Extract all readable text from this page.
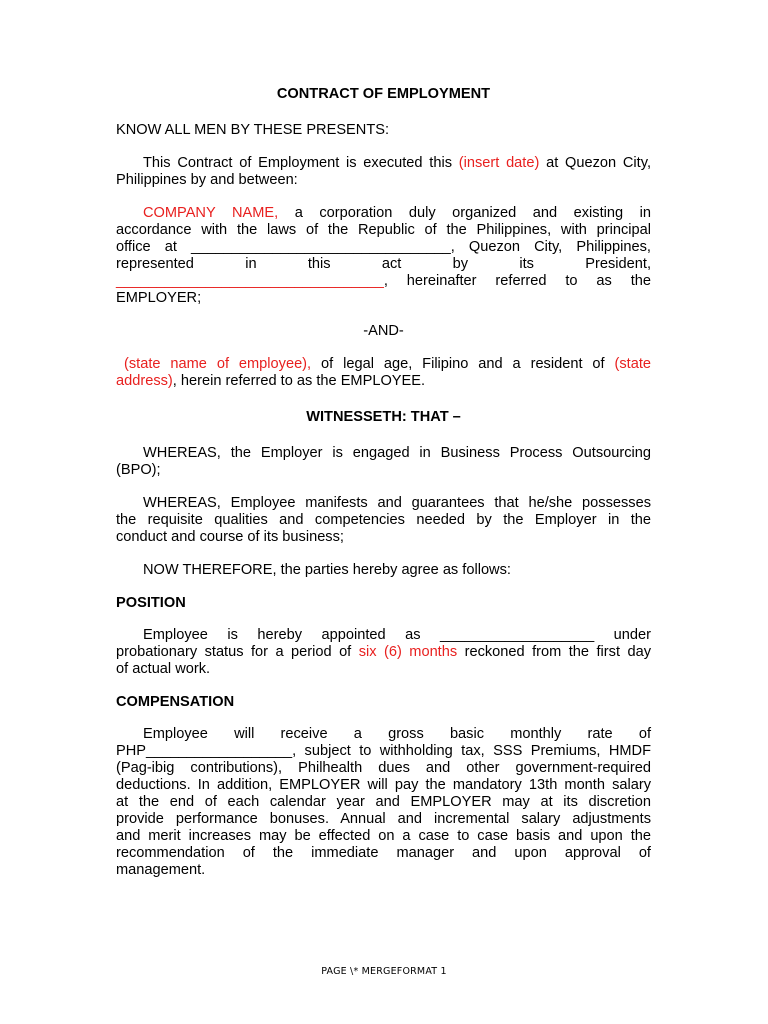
CONTRACT OF EMPLOYMENT

KNOW ALL MEN BY THESE PRESENTS:

This Contract of Employment is executed this (insert date) at Quezon City,

Philippines by and between:

COMPANY NAME, a corporation duly organized and existing in

accordance with the laws of the Republic of the Philippines, with principal

office at ________________________________, Quezon City, Philippines,

represented in this act by its President,

_________________________________, hereinafter referred to as the

EMPLOYER;

-AND-

(state name of employee), of legal age, Filipino and a resident of (state

address), herein referred to as the EMPLOYEE.

WITNESSETH: THAT –

WHEREAS, the Employer is engaged in Business Process Outsourcing

(BPO);

WHEREAS, Employee manifests and guarantees that he/she possesses

the requisite qualities and competencies needed by the Employer in the

conduct and course of its business;

NOW THEREFORE, the parties hereby agree as follows:

POSITION

Employee is hereby appointed as ___________________ under

probationary status for a period of six (6) months reckoned from the first day

of actual work.

COMPENSATION

Employee will receive a gross basic monthly rate of

PHP__________________, subject to withholding tax, SSS Premiums, HMDF

(Pag-ibig contributions), Philhealth dues and other government-required

deductions. In addition, EMPLOYER will pay the mandatory 13th month salary

at the end of each calendar year and EMPLOYER may at its discretion

provide performance bonuses. Annual and incremental salary adjustments

and merit increases may be effected on a case to case basis and upon the

recommendation of the immediate manager and upon approval of

management.

PAGE \* MERGEFORMAT 1
